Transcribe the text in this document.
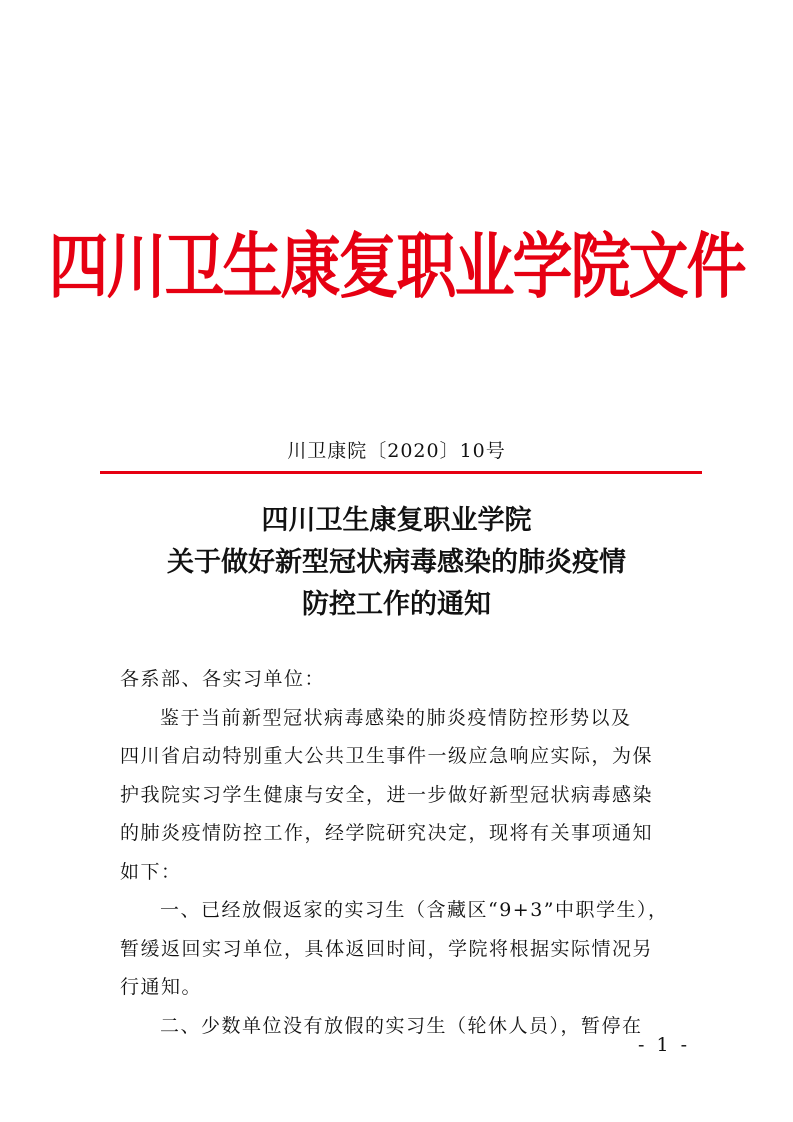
四川卫生康复职业学院文件
川卫康院〔2020〕10号
四川卫生康复职业学院
关于做好新型冠状病毒感染的肺炎疫情
防控工作的通知
各系部、各实习单位：
鉴于当前新型冠状病毒感染的肺炎疫情防控形势以及
四川省启动特别重大公共卫生事件一级应急响应实际，为保
护我院实习学生健康与安全，进一步做好新型冠状病毒感染
的肺炎疫情防控工作，经学院研究决定，现将有关事项通知
如下：
一、已经放假返家的实习生（含藏区“9+3”中职学生），
暂缓返回实习单位，具体返回时间，学院将根据实际情况另
行通知。
二、少数单位没有放假的实习生（轮休人员），暂停在
- 1 -
